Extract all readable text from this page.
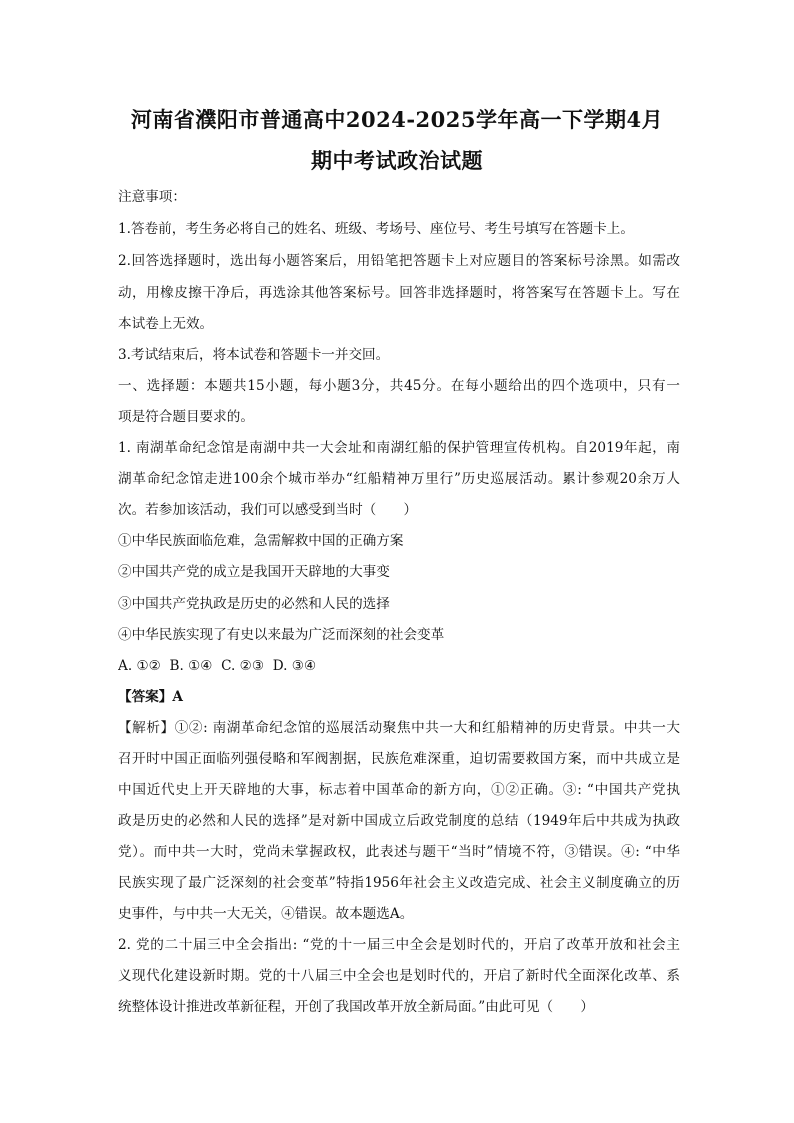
河南省濮阳市普通高中2024-2025学年高一下学期4月
期中考试政治试题
注意事项：
1.答卷前，考生务必将自己的姓名、班级、考场号、座位号、考生号填写在答题卡上。
2.回答选择题时，选出每小题答案后，用铅笔把答题卡上对应题目的答案标号涂黑。如需改
动，用橡皮擦干净后，再选涂其他答案标号。回答非选择题时，将答案写在答题卡上。写在
本试卷上无效。
3.考试结束后，将本试卷和答题卡一并交回。
一、选择题：本题共15小题，每小题3分，共45分。在每小题给出的四个选项中，只有一
项是符合题目要求的。
1. 南湖革命纪念馆是南湖中共一大会址和南湖红船的保护管理宣传机构。自2019年起，南
湖革命纪念馆走进100余个城市举办“红船精神万里行”历史巡展活动。累计参观20余万人
次。若参加该活动，我们可以感受到当时（　　）
①中华民族面临危难，急需解救中国的正确方案
②中国共产党的成立是我国开天辟地的大事变
③中国共产党执政是历史的必然和人民的选择
④中华民族实现了有史以来最为广泛而深刻的社会变革
A. ①②  B. ①④  C. ②③  D. ③④
【答案】A
【解析】①②: 南湖革命纪念馆的巡展活动聚焦中共一大和红船精神的历史背景。中共一大
召开时中国正面临列强侵略和军阀割据，民族危难深重，迫切需要救国方案，而中共成立是
中国近代史上开天辟地的大事，标志着中国革命的新方向，①②正确。③: “中国共产党执
政是历史的必然和人民的选择”是对新中国成立后政党制度的总结（1949年后中共成为执政
党）。而中共一大时，党尚未掌握政权，此表述与题干“当时”情境不符，③错误。④: “中华
民族实现了最广泛深刻的社会变革”特指1956年社会主义改造完成、社会主义制度确立的历
史事件，与中共一大无关，④错误。故本题选A。
2. 党的二十届三中全会指出: “党的十一届三中全会是划时代的，开启了改革开放和社会主
义现代化建设新时期。党的十八届三中全会也是划时代的，开启了新时代全面深化改革、系
统整体设计推进改革新征程，开创了我国改革开放全新局面。”由此可见（　　）
